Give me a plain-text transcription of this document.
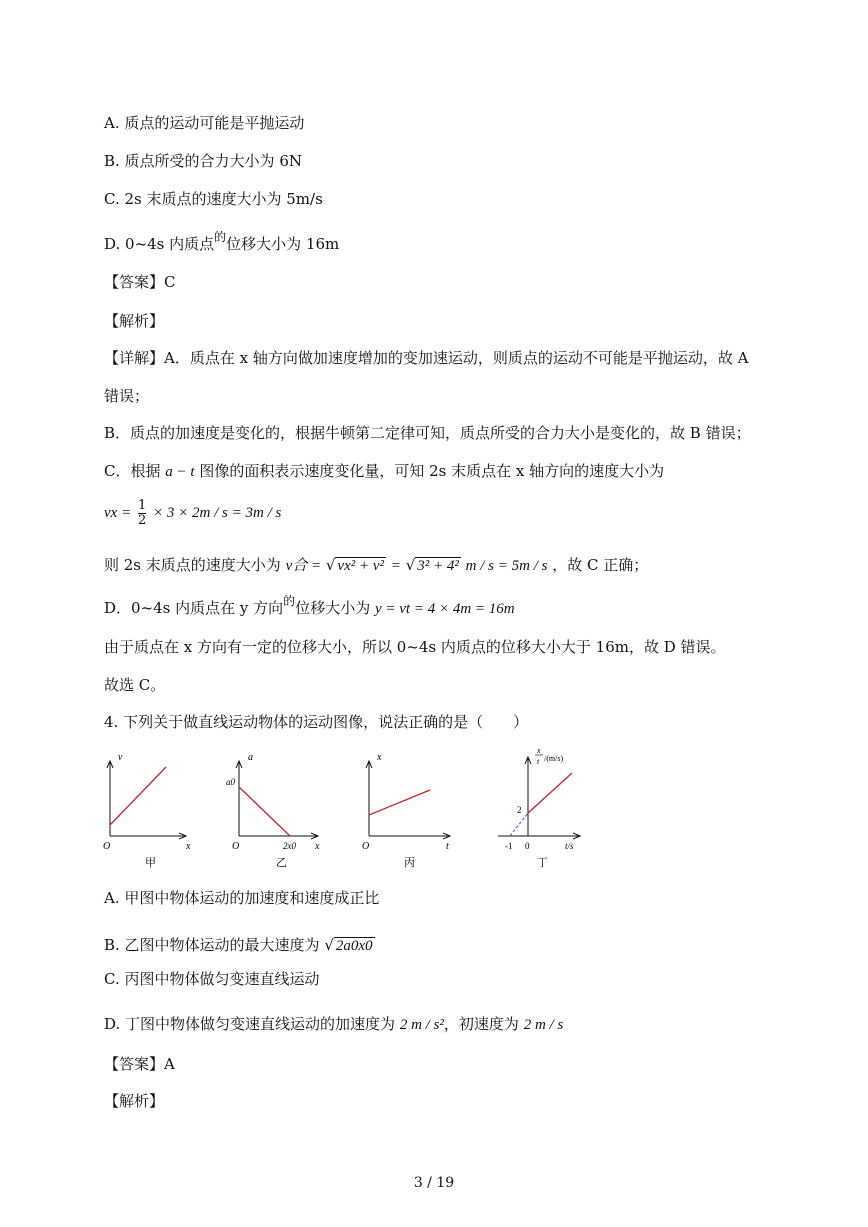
A. 质点的运动可能是平抛运动
B. 质点所受的合力大小为 6N
C. 2s 末质点的速度大小为 5m/s
D. 0~4s 内质点$^的$位移大小为 16m
【答案】C
【解析】
【详解】A．质点在 x 轴方向做加速度增加的变加速运动，则质点的运动不可能是平抛运动，故 A
错误；
B．质点的加速度是变化的，根据牛顿第二定律可知，质点所受的合力大小是变化的，故 B 错误；
C．根据 a − t 图像的面积表示速度变化量，可知 2s 末质点在 x 轴方向的速度大小为
vx = $\frac{1}{2} \times 3 \times 2m / s = 3m / s$
则 2s 末质点的速度大小为 v合 = √ vx² + v² = √ 3² + 4² m / s = 5m / s ，故 C 正确；
D．0~4s 内质点在 y 方向$^的$位移大小为 y = vt = 4 × 4m = 16m
由于质点在 x 方向有一定的位移大小，所以 0~4s 内质点的位移大小大于 16m，故 D 错误。
故选 C。
4. 下列关于做直线运动物体的运动图像，说法正确的是（　　）
v
x
O
甲
a
x
O
a0
2x0
乙
x
t
O
丙
x
t /(m/s)
2
-1 0	t/s
丁
A. 甲图中物体运动的加速度和速度成正比
B. 乙图中物体运动的最大速度为 √ 2a0x0
C. 丙图中物体做匀变速直线运动
D. 丁图中物体做匀变速直线运动的加速度为 2 m / s²，初速度为 2 m / s
【答案】A
【解析】
3 / 19
